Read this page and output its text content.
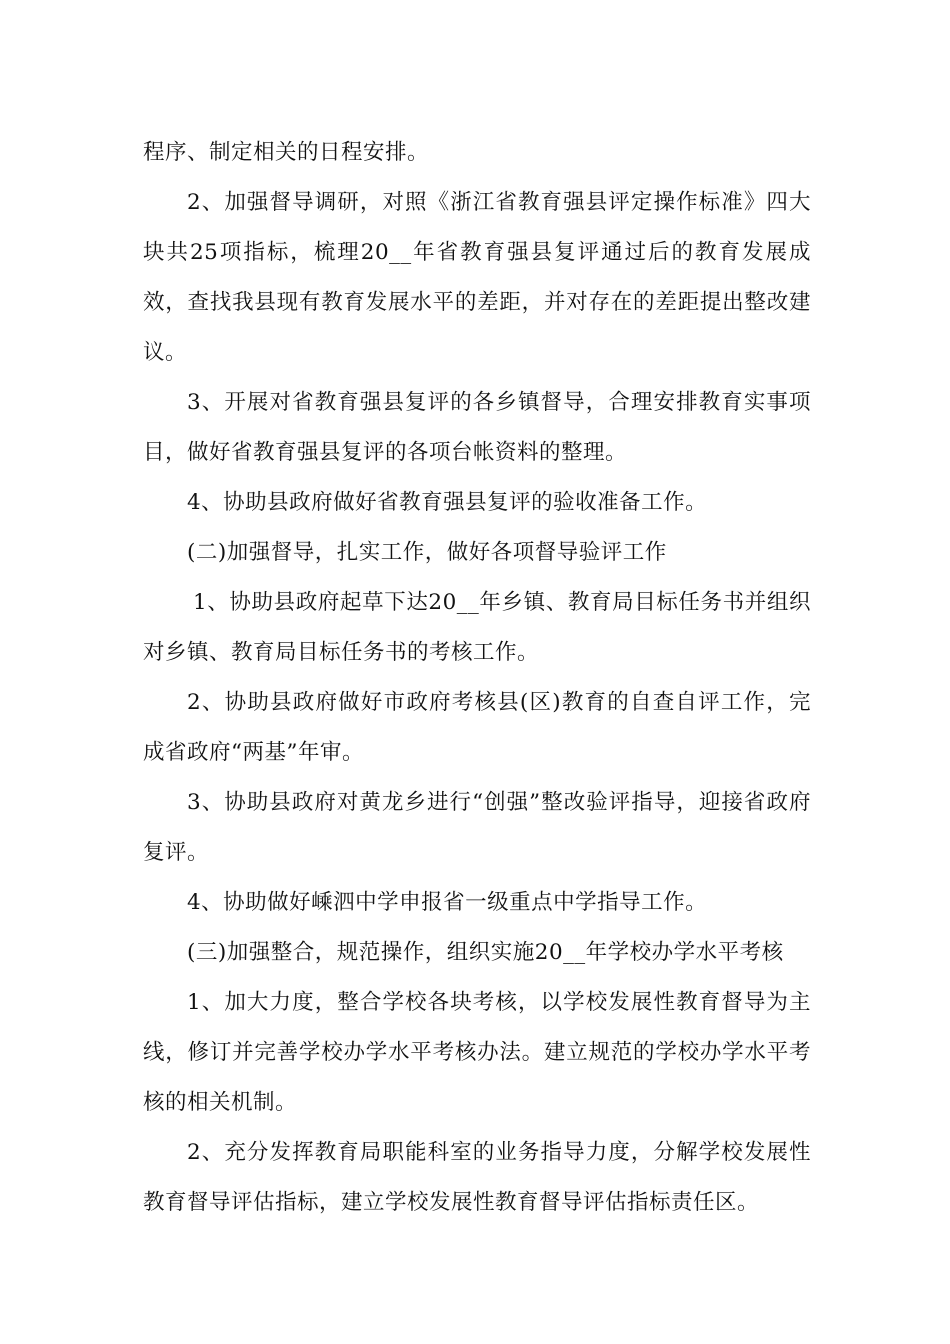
程序、制定相关的日程安排。

2、加强督导调研，对照《浙江省教育强县评定操作标准》四大块共25项指标，梳理20__年省教育强县复评通过后的教育发展成效，查找我县现有教育发展水平的差距，并对存在的差距提出整改建议。

3、开展对省教育强县复评的各乡镇督导，合理安排教育实事项目，做好省教育强县复评的各项台帐资料的整理。

4、协助县政府做好省教育强县复评的验收准备工作。

(二)加强督导，扎实工作，做好各项督导验评工作

1、协助县政府起草下达20__年乡镇、教育局目标任务书并组织对乡镇、教育局目标任务书的考核工作。

2、协助县政府做好市政府考核县(区)教育的自查自评工作，完成省政府“两基”年审。

3、协助县政府对黄龙乡进行“创强”整改验评指导，迎接省政府复评。

4、协助做好嵊泗中学申报省一级重点中学指导工作。

(三)加强整合，规范操作，组织实施20__年学校办学水平考核

1、加大力度，整合学校各块考核，以学校发展性教育督导为主线，修订并完善学校办学水平考核办法。建立规范的学校办学水平考核的相关机制。

2、充分发挥教育局职能科室的业务指导力度，分解学校发展性教育督导评估指标，建立学校发展性教育督导评估指标责任区。
